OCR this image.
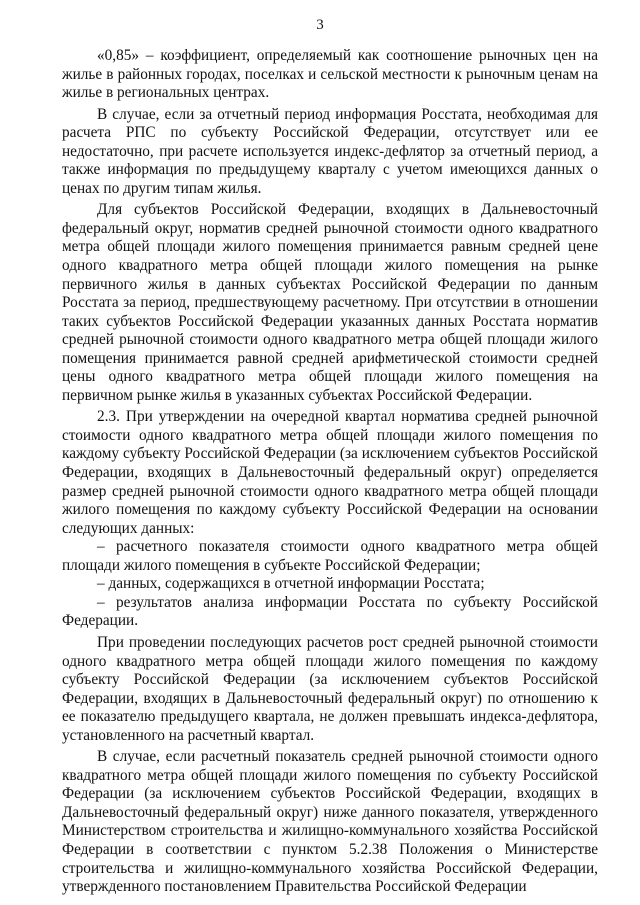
3

«0,85» – коэффициент, определяемый как соотношение рыночных цен на жилье в районных городах, поселках и сельской местности к рыночным ценам на жилье в региональных центрах.

В случае, если за отчетный период информация Росстата, необходимая для расчета РПС по субъекту Российской Федерации, отсутствует или ее недостаточно, при расчете используется индекс-дефлятор за отчетный период, а также информация по предыдущему кварталу с учетом имеющихся данных о ценах по другим типам жилья.

Для субъектов Российской Федерации, входящих в Дальневосточный федеральный округ, норматив средней рыночной стоимости одного квадратного метра общей площади жилого помещения принимается равным средней цене одного квадратного метра общей площади жилого помещения на рынке первичного жилья в данных субъектах Российской Федерации по данным Росстата за период, предшествующему расчетному. При отсутствии в отношении таких субъектов Российской Федерации указанных данных Росстата норматив средней рыночной стоимости одного квадратного метра общей площади жилого помещения принимается равной средней арифметической стоимости средней цены одного квадратного метра общей площади жилого помещения на первичном рынке жилья в указанных субъектах Российской Федерации.

2.3. При утверждении на очередной квартал норматива средней рыночной стоимости одного квадратного метра общей площади жилого помещения по каждому субъекту Российской Федерации (за исключением субъектов Российской Федерации, входящих в Дальневосточный федеральный округ) определяется размер средней рыночной стоимости одного квадратного метра общей площади жилого помещения по каждому субъекту Российской Федерации на основании следующих данных:

– расчетного показателя стоимости одного квадратного метра общей площади жилого помещения в субъекте Российской Федерации;

– данных, содержащихся в отчетной информации Росстата;

– результатов анализа информации Росстата по субъекту Российской Федерации.

При проведении последующих расчетов рост средней рыночной стоимости одного квадратного метра общей площади жилого помещения по каждому субъекту Российской Федерации (за исключением субъектов Российской Федерации, входящих в Дальневосточный федеральный округ) по отношению к ее показателю предыдущего квартала, не должен превышать индекса-дефлятора, установленного на расчетный квартал.

В случае, если расчетный показатель средней рыночной стоимости одного квадратного метра общей площади жилого помещения по субъекту Российской Федерации (за исключением субъектов Российской Федерации, входящих в Дальневосточный федеральный округ) ниже данного показателя, утвержденного Министерством строительства и жилищно-коммунального хозяйства Российской Федерации в соответствии с пунктом 5.2.38 Положения о Министерстве строительства и жилищно-коммунального хозяйства Российской Федерации, утвержденного постановлением Правительства Российской Федерации
